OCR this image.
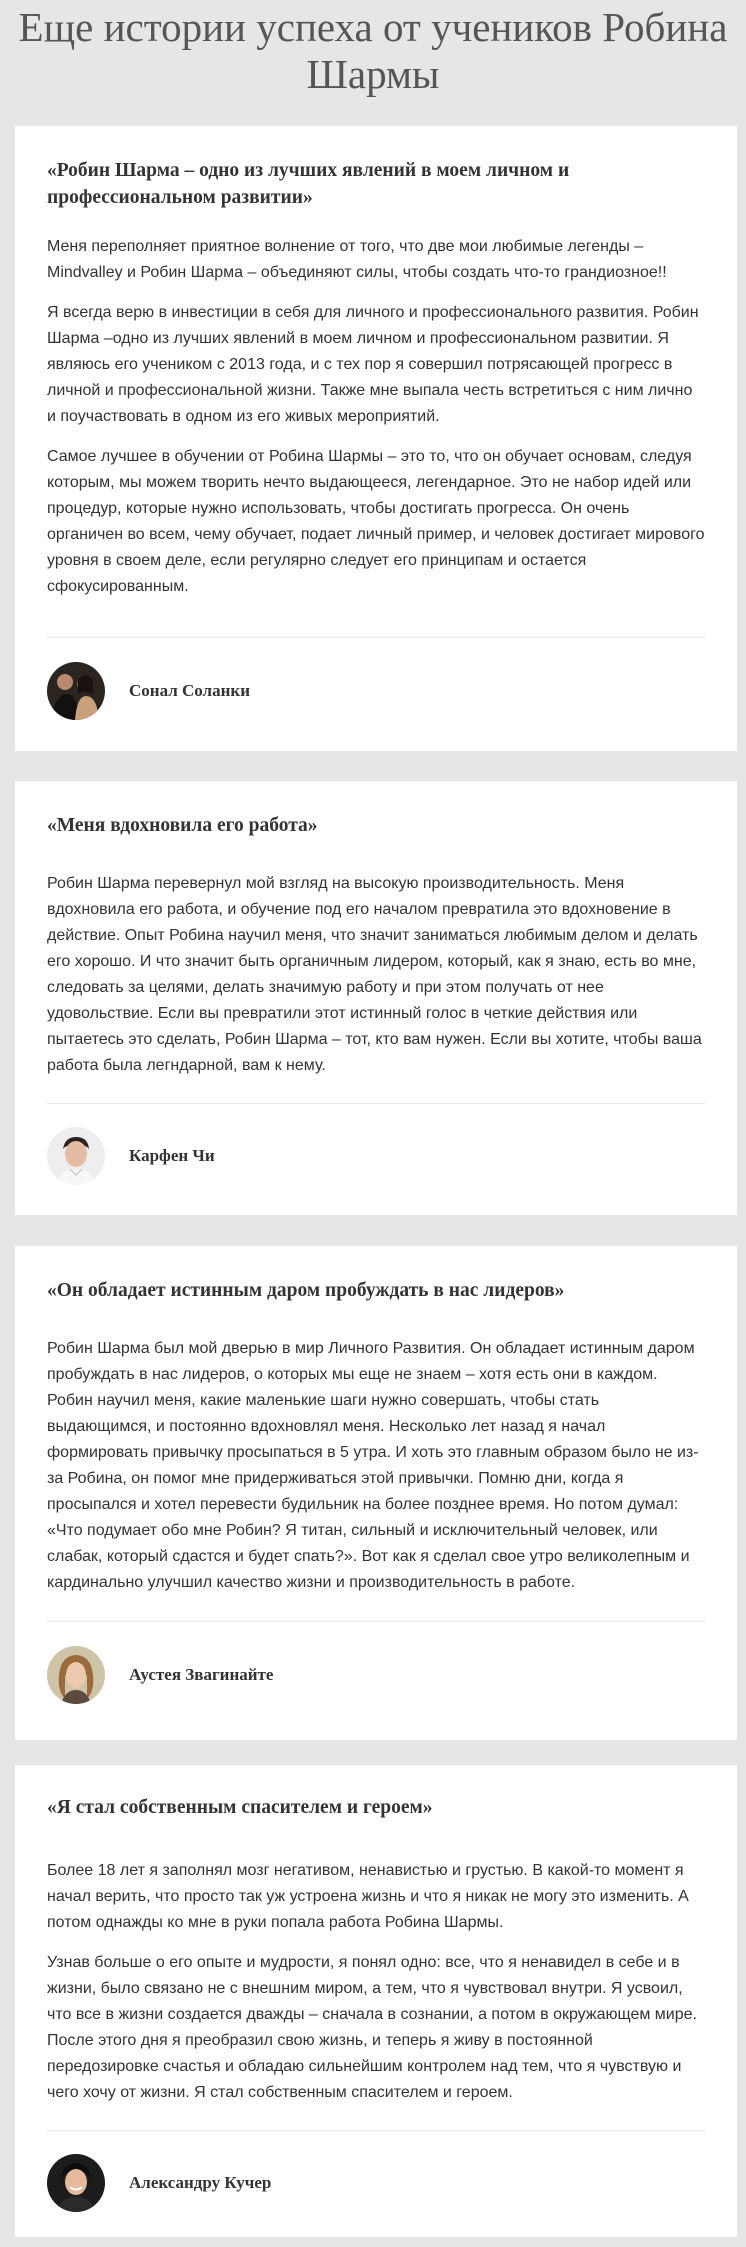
Еще истории успеха от учеников Робина Шармы
«Робин Шарма – одно из лучших явлений в моем личном и профессиональном развитии»

Меня переполняет приятное волнение от того, что две мои любимые легенды – Mindvalley и Робин Шарма – объединяют силы, чтобы создать что-то грандиозное!!

Я всегда верю в инвестиции в себя для личного и профессионального развития. Робин Шарма –одно из лучших явлений в моем личном и профессиональном развитии. Я являюсь его учеником с 2013 года, и с тех пор я совершил потрясающей прогресс в личной и профессиональной жизни. Также мне выпала честь встретиться с ним лично и поучаствовать в одном из его живых мероприятий.

Самое лучшее в обучении от Робина Шармы – это то, что он обучает основам, следуя которым, мы можем творить нечто выдающееся, легендарное. Это не набор идей или процедур, которые нужно использовать, чтобы достигать прогресса. Он очень органичен во всем, чему обучает, подает личный пример, и человек достигает мирового уровня в своем деле, если регулярно следует его принципам и остается сфокусированным.

Сонал Соланки
«Меня вдохновила его работа»

Робин Шарма перевернул мой взгляд на высокую производительность. Меня вдохновила его работа, и обучение под его началом превратила это вдохновение в действие. Опыт Робина научил меня, что значит заниматься любимым делом и делать его хорошо. И что значит быть органичным лидером, который, как я знаю, есть во мне, следовать за целями, делать значимую работу и при этом получать от нее удовольствие. Если вы превратили этот истинный голос в четкие действия или пытаетесь это сделать, Робин Шарма – тот, кто вам нужен. Если вы хотите, чтобы ваша работа была легндарной, вам к нему.

Карфен Чи
«Он обладает истинным даром пробуждать в нас лидеров»

Робин Шарма был мой дверью в мир Личного Развития. Он обладает истинным даром пробуждать в нас лидеров, о которых мы еще не знаем – хотя есть они в каждом. Робин научил меня, какие маленькие шаги нужно совершать, чтобы стать выдающимся, и постоянно вдохновлял меня. Несколько лет назад я начал формировать привычку просыпаться в 5 утра. И хоть это главным образом было не из-за Робина, он помог мне придерживаться этой привычки. Помню дни, когда я просыпался и хотел перевести будильник на более позднее время. Но потом думал: «Что подумает обо мне Робин? Я титан, сильный и исключительный человек, или слабак, который сдастся и будет спать?». Вот как я сделал свое утро великолепным и кардинально улучшил качество жизни и производительность в работе.

Аустея Звагинайте
«Я стал собственным спасителем и героем»

Более 18 лет я заполнял мозг негативом, ненавистью и грустью. В какой-то момент я начал верить, что просто так уж устроена жизнь и что я никак не могу это изменить. А потом однажды ко мне в руки попала работа Робина Шармы.

Узнав больше о его опыте и мудрости, я понял одно: все, что я ненавидел в себе и в жизни, было связано не с внешним миром, а тем, что я чувствовал внутри. Я усвоил, что все в жизни создается дважды – сначала в сознании, а потом в окружающем мире. После этого дня я преобразил свою жизнь, и теперь я живу в постоянной передозировке счастья и обладаю сильнейшим контролем над тем, что я чувствую и чего хочу от жизни. Я стал собственным спасителем и героем.

Александру Кучер
